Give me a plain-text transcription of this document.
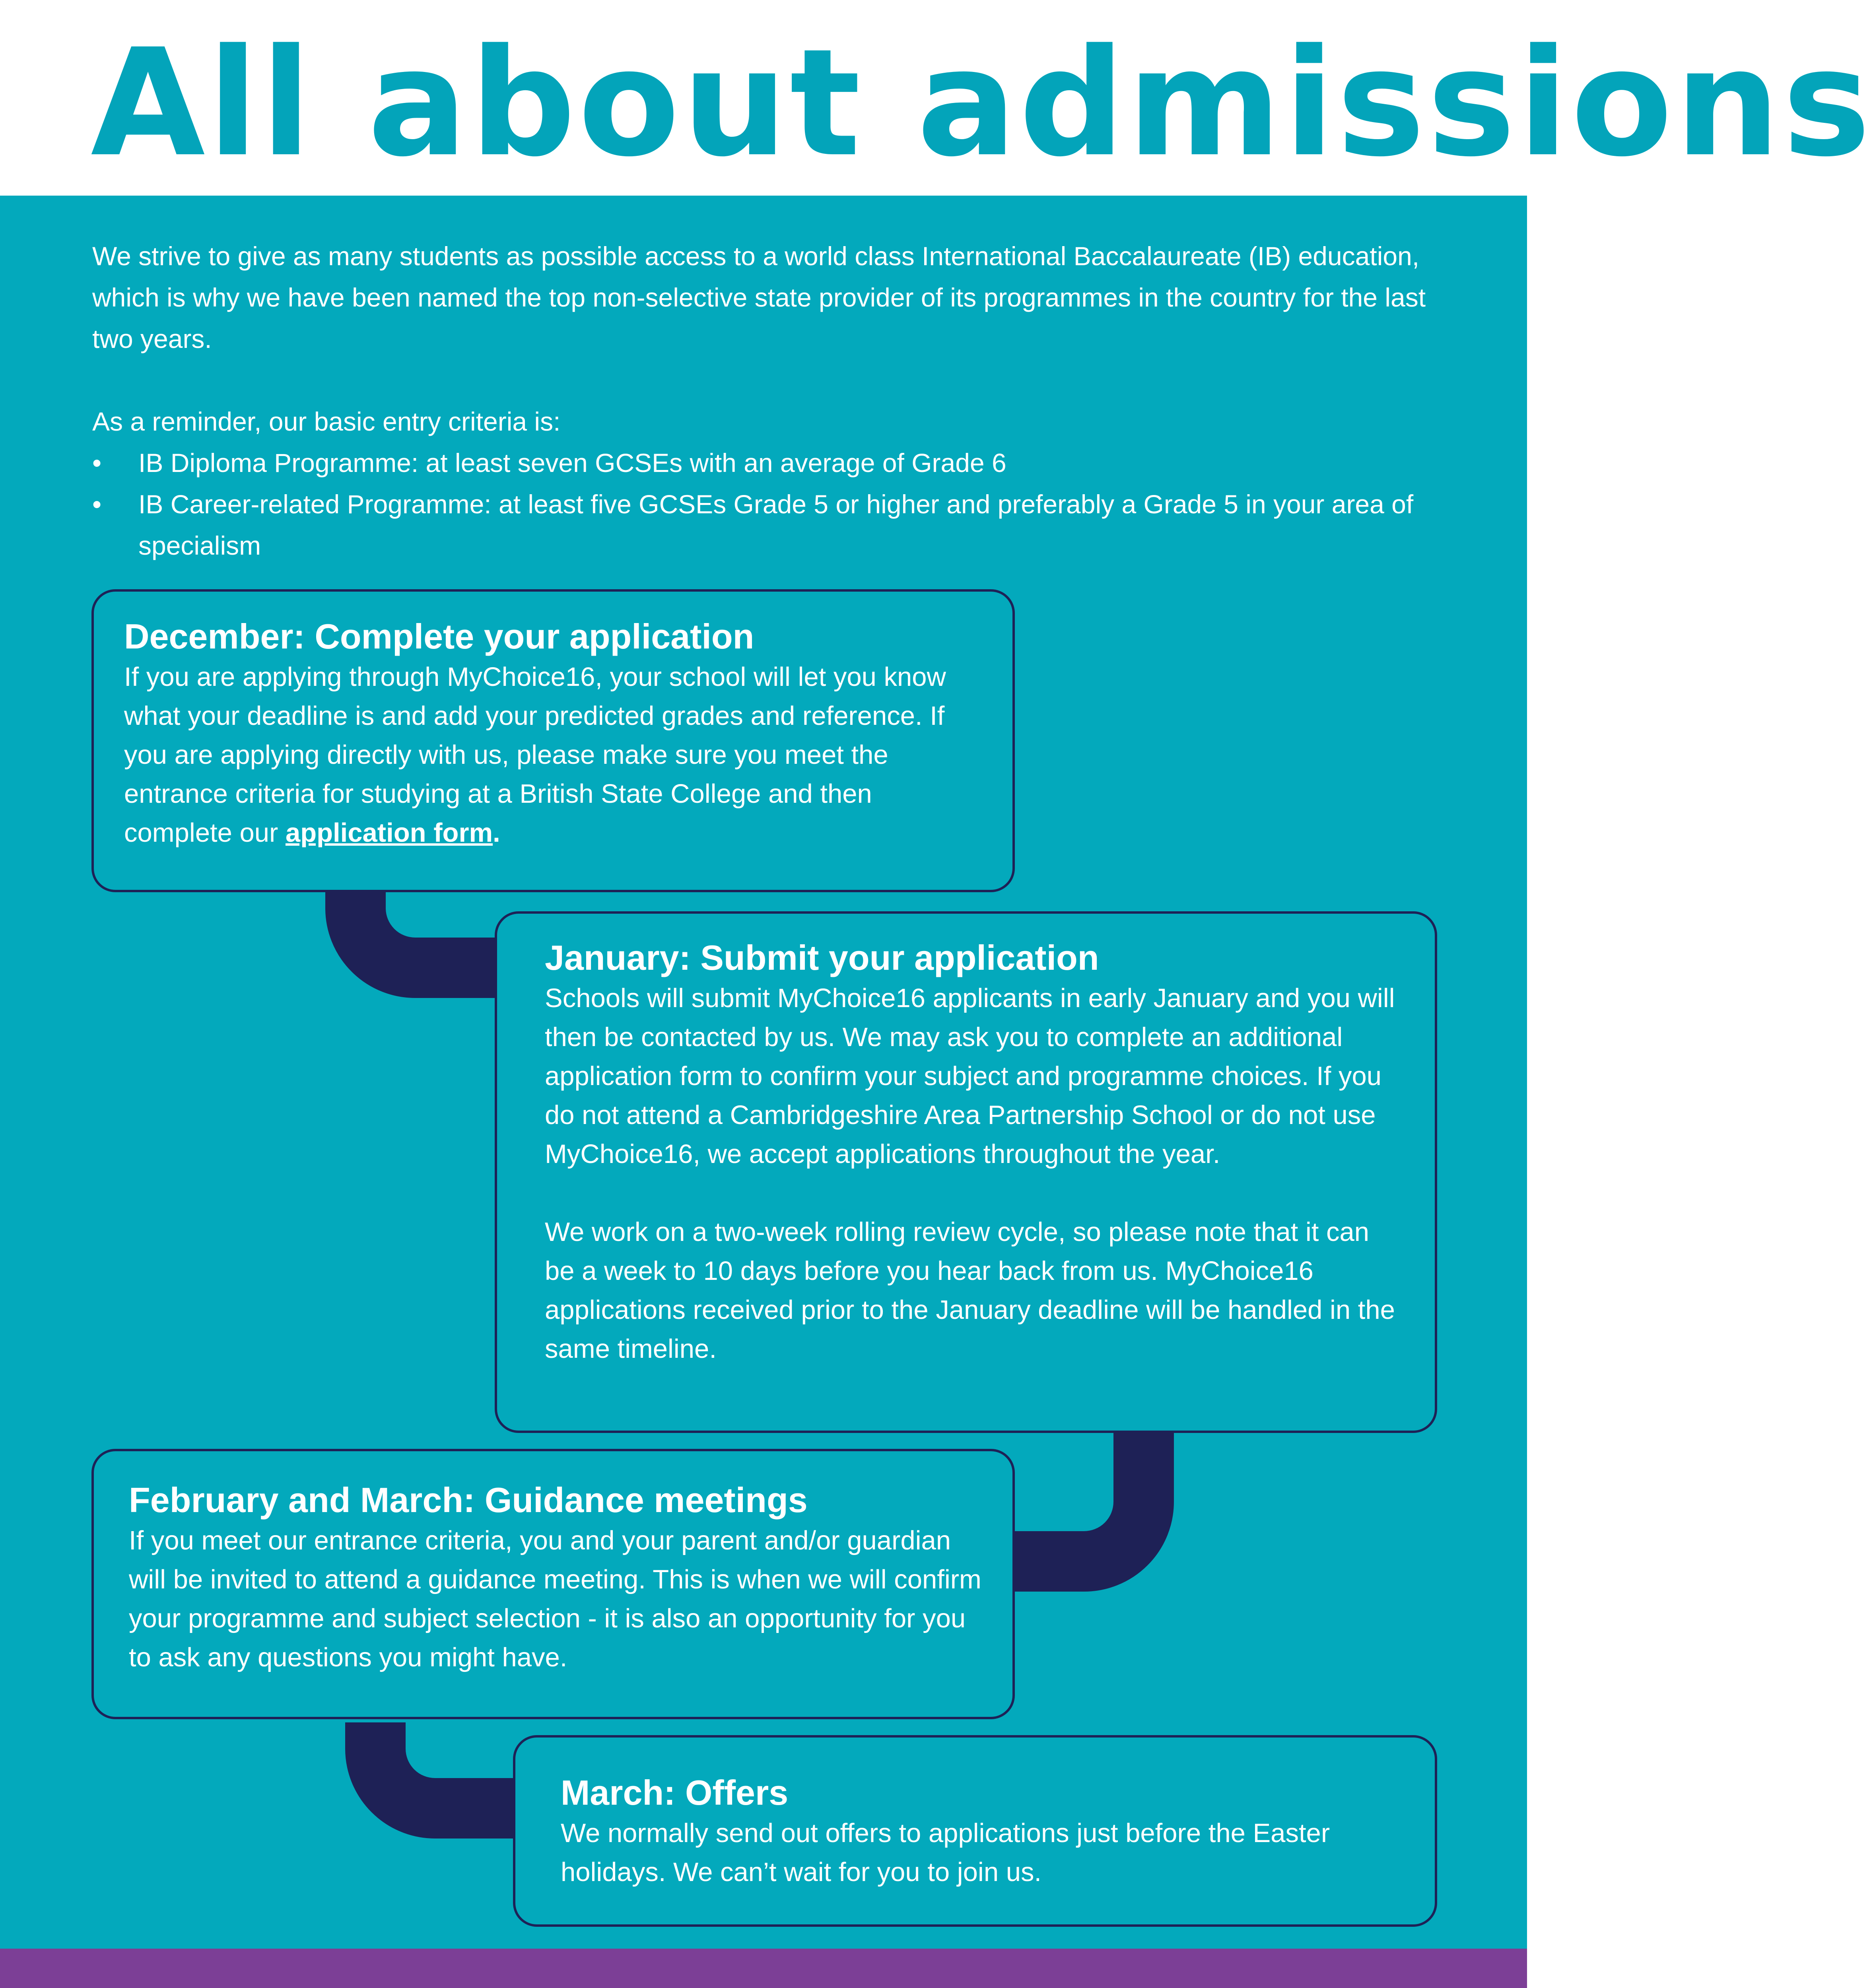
All about admissions

We strive to give as many students as possible access to a world class International Baccalaureate (IB) education, which is why we have been named the top non-selective state provider of its programmes in the country for the last two years.

As a reminder, our basic entry criteria is:

• IB Diploma Programme: at least seven GCSEs with an average of Grade 6
• IB Career-related Programme: at least five GCSEs Grade 5 or higher and preferably a Grade 5 in your area of specialism
December: Complete your application

If you are applying through MyChoice16, your school will let you know what your deadline is and add your predicted grades and reference. If you are applying directly with us, please make sure you meet the entrance criteria for studying at a British State College and then complete our application form.

January: Submit your application

Schools will submit MyChoice16 applicants in early January and you will then be contacted by us. We may ask you to complete an additional application form to confirm your subject and programme choices. If you do not attend a Cambridgeshire Area Partnership School or do not use MyChoice16, we accept applications throughout the year.

We work on a two-week rolling review cycle, so please note that it can be a week to 10 days before you hear back from us. MyChoice16 applications received prior to the January deadline will be handled in the same timeline.

February and March: Guidance meetings

If you meet our entrance criteria, you and your parent and/or guardian will be invited to attend a guidance meeting. This is when we will confirm your programme and subject selection - it is also an opportunity for you to ask any questions you might have.

March: Offers

We normally send out offers to applications just before the Easter holidays. We can’t wait for you to join us.
